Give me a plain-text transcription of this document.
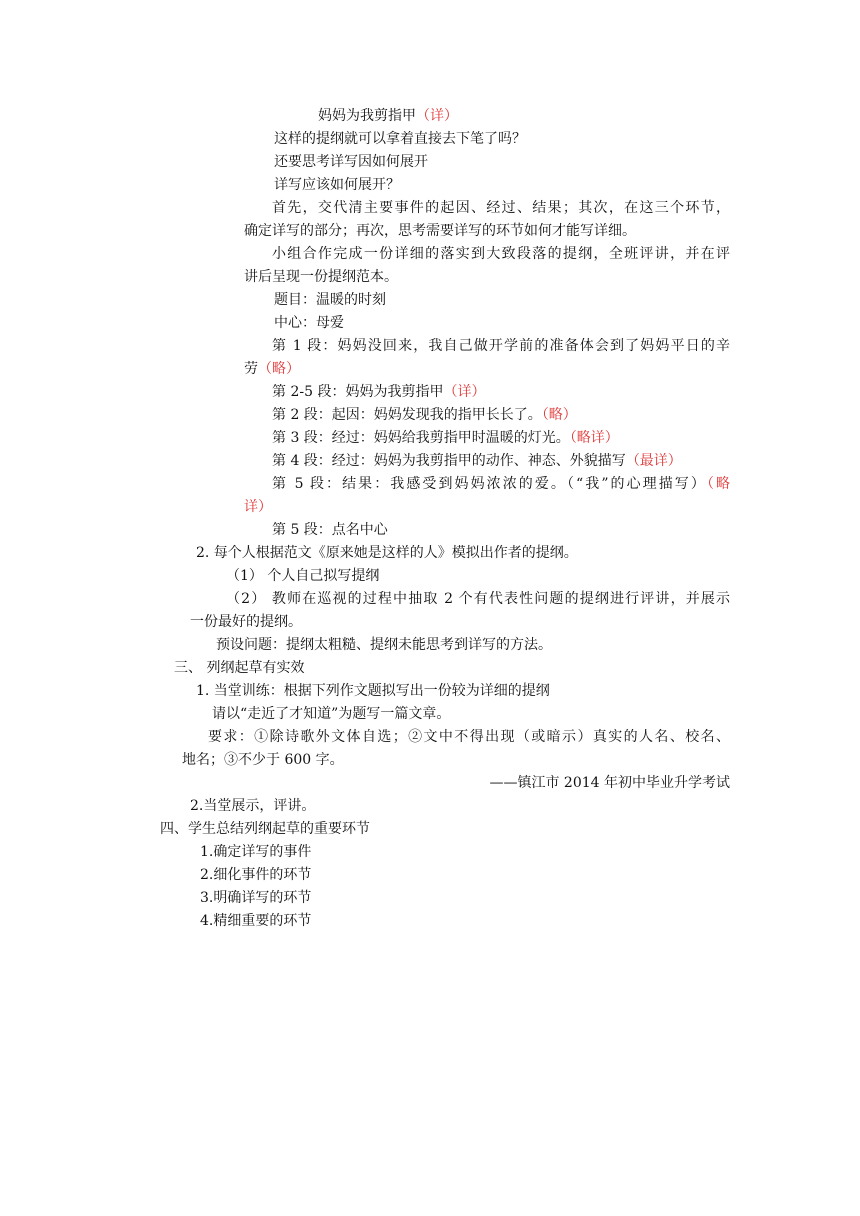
妈妈为我剪指甲（详）
这样的提纲就可以拿着直接去下笔了吗？
还要思考详写因如何展开
详写应该如何展开？
首先，交代清主要事件的起因、经过、结果；其次，在这三个环节，
确定详写的部分；再次，思考需要详写的环节如何才能写详细。
小组合作完成一份详细的落实到大致段落的提纲，全班评讲，并在评
讲后呈现一份提纲范本。
题目：温暖的时刻
中心：母爱
第 1 段：妈妈没回来，我自己做开学前的准备体会到了妈妈平日的辛
劳（略）
第 2-5 段：妈妈为我剪指甲（详）
第 2 段：起因：妈妈发现我的指甲长长了。（略）
第 3 段：经过：妈妈给我剪指甲时温暖的灯光。（略详）
第 4 段：经过：妈妈为我剪指甲的动作、神态、外貌描写（最详）
第 5 段：结果：我感受到妈妈浓浓的爱。（“我”的心理描写）（略
详）
第 5 段：点名中心
2. 每个人根据范文《原来她是这样的人》模拟出作者的提纲。
（1） 个人自己拟写提纲
（2） 教师在巡视的过程中抽取 2 个有代表性问题的提纲进行评讲，并展示
一份最好的提纲。
预设问题：提纲太粗糙、提纲未能思考到详写的方法。
三、 列纲起草有实效
1. 当堂训练：根据下列作文题拟写出一份较为详细的提纲
请以“走近了才知道”为题写一篇文章。
要求：①除诗歌外文体自选；②文中不得出现（或暗示）真实的人名、校名、
地名；③不少于 600 字。
——镇江市 2014 年初中毕业升学考试
2.当堂展示，评讲。
四、学生总结列纲起草的重要环节
1.确定详写的事件
2.细化事件的环节
3.明确详写的环节
4.精细重要的环节
